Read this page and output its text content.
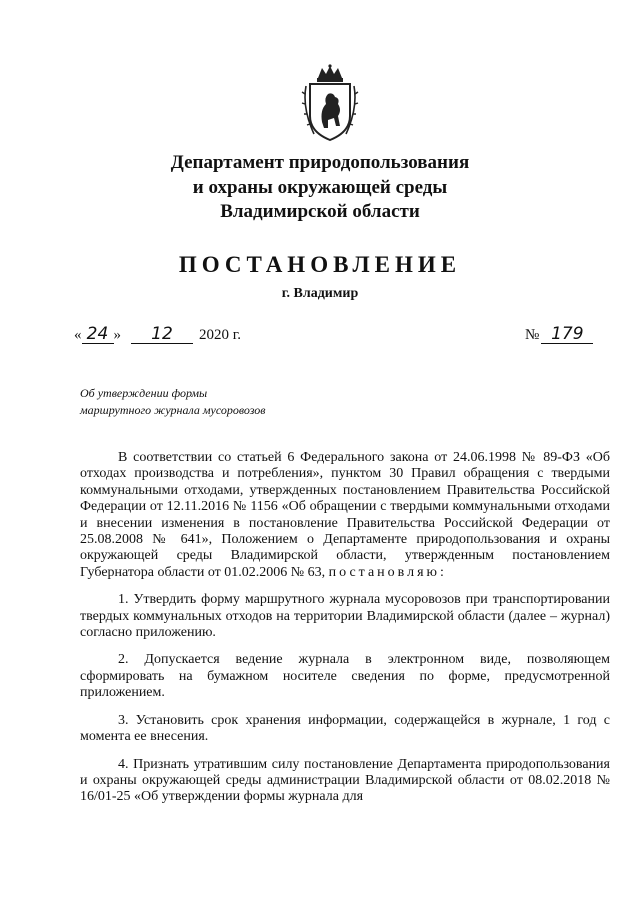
Департамент природопользования
и охраны окружающей среды
Владимирской области
ПОСТАНОВЛЕНИЕ
г. Владимир
« 24 » 12 2020 г.	№ 179
Об утверждении формы
маршрутного журнала мусоровозов

В соответствии со статьей 6 Федерального закона от 24.06.1998 № 89-ФЗ «Об отходах производства и потребления», пунктом 30 Правил обращения с твердыми коммунальными отходами, утвержденных постановлением Правительства Российской Федерации от 12.11.2016 № 1156 «Об обращении с твердыми коммунальными отходами и внесении изменения в постановление Правительства Российской Федерации от 25.08.2008 № 641», Положением о Департаменте природопользования и охраны окружающей среды Владимирской области, утвержденным постановлением Губернатора области от 01.02.2006 № 63, постановляю:

1. Утвердить форму маршрутного журнала мусоровозов при транспортировании твердых коммунальных отходов на территории Владимирской области (далее – журнал) согласно приложению.

2. Допускается ведение журнала в электронном виде, позволяющем сформировать на бумажном носителе сведения по форме, предусмотренной приложением.

3. Установить срок хранения информации, содержащейся в журнале, 1 год с момента ее внесения.

4. Признать утратившим силу постановление Департамента природопользования и охраны окружающей среды администрации Владимирской области от 08.02.2018 № 16/01-25 «Об утверждении формы журнала для
